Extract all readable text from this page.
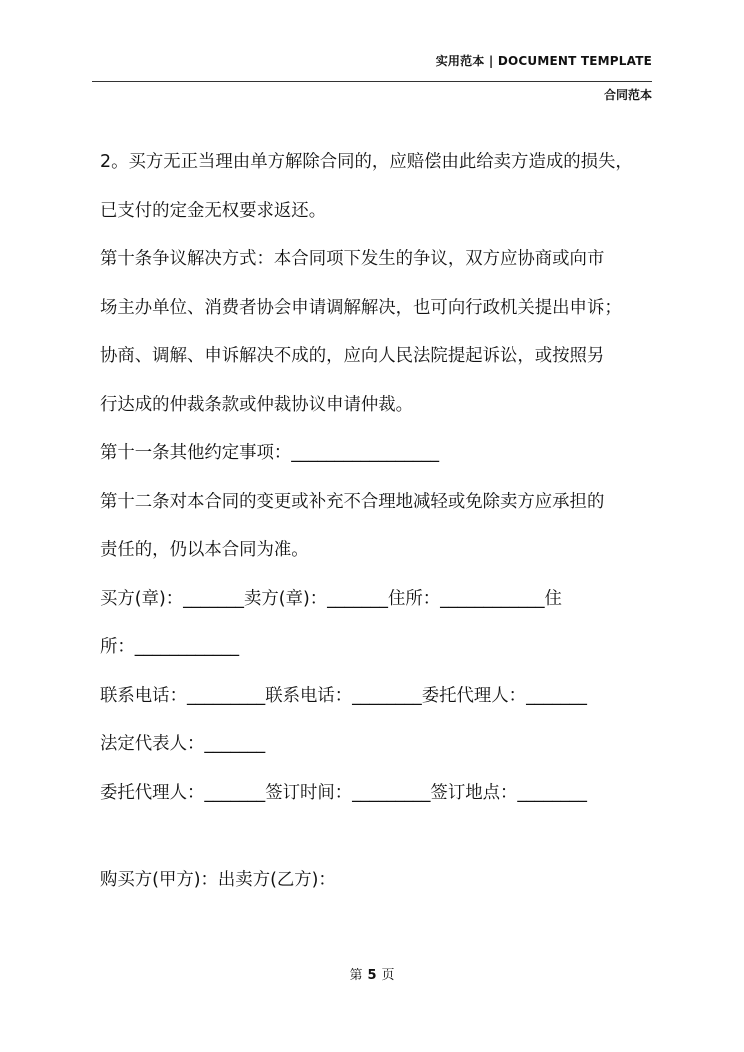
实用范本 | DOCUMENT TEMPLATE
合同范本
2。买方无正当理由单方解除合同的，应赔偿由此给卖方造成的损失，
已支付的定金无权要求返还。
第十条争议解决方式：本合同项下发生的争议，双方应协商或向市
场主办单位、消费者协会申请调解解决，也可向行政机关提出申诉；
协商、调解、申诉解决不成的，应向人民法院提起诉讼，或按照另
行达成的仲裁条款或仲裁协议申请仲裁。
第十一条其他约定事项：_________________
第十二条对本合同的变更或补充不合理地减轻或免除卖方应承担的
责任的，仍以本合同为准。
买方(章)：_______卖方(章)：_______住所：____________住
所：____________
联系电话：_________联系电话：________委托代理人：_______
法定代表人：_______
委托代理人：_______签订时间：_________签订地点：________
购买方(甲方)：出卖方(乙方)：
第 5 页
